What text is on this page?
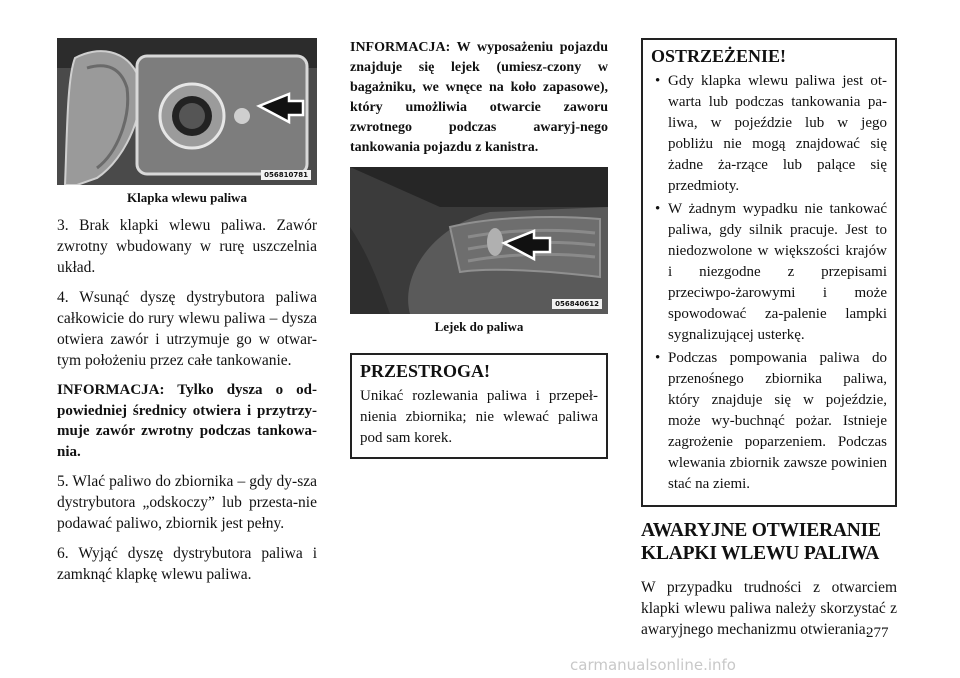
056810781
Klapka wlewu paliwa

3. Brak klapki wlewu paliwa. Zawór zwrotny wbudowany w rurę uszczelnia układ.

4. Wsunąć dyszę dystrybutora paliwa całkowicie do rury wlewu paliwa – dysza otwiera zawór i utrzymuje go w otwar-tym położeniu przez całe tankowanie.

INFORMACJA: Tylko dysza o od-powiedniej średnicy otwiera i przytrzy-muje zawór zwrotny podczas tankowa-nia.

5. Wlać paliwo do zbiornika – gdy dy-sza dystrybutora „odskoczy” lub przesta-nie podawać paliwo, zbiornik jest pełny.

6. Wyjąć dyszę dystrybutora paliwa i zamknąć klapkę wlewu paliwa.

INFORMACJA: W wyposażeniu pojazdu znajduje się lejek (umiesz-czony w bagażniku, we wnęce na koło zapasowe), który umożliwia otwarcie zaworu zwrotnego podczas awaryj-nego tankowania pojazdu z kanistra.

056840612
Lejek do paliwa
PRZESTROGA!

Unikać rozlewania paliwa i przepeł-nienia zbiornika; nie wlewać paliwa pod sam korek.

OSTRZEŻENIE!
• Gdy klapka wlewu paliwa jest ot-warta lub podczas tankowania pa-liwa, w pojeździe lub w jego pobliżu nie mogą znajdować się żadne ża-rzące lub palące się przedmioty.
• W żadnym wypadku nie tankować paliwa, gdy silnik pracuje. Jest to niedozwolone w większości krajów i niezgodne z przepisami przeciwpo-żarowymi i może spowodować za-palenie lampki sygnalizującej usterkę.
• Podczas pompowania paliwa do przenośnego zbiornika paliwa, który znajduje się w pojeździe, może wy-buchnąć pożar. Istnieje zagrożenie poparzeniem. Podczas wlewania zbiornik zawsze powinien stać na ziemi.
AWARYJNE OTWIERANIE
KLAPKI WLEWU PALIWA

W przypadku trudności z otwarciem klapki wlewu paliwa należy skorzystać z awaryjnego mechanizmu otwierania.

277
carmanualsonline.info
